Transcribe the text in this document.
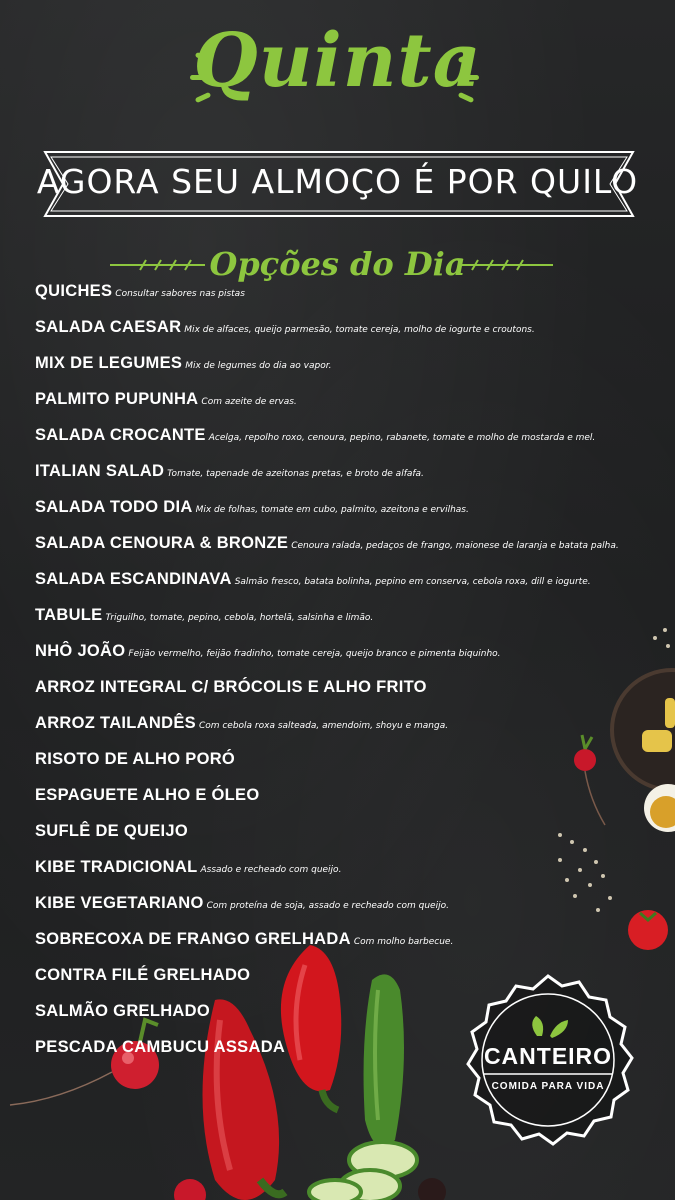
Quinta
AGORA SEU ALMOÇO É POR QUILO
Opções do Dia
CANTEIRO
COMIDA PARA VIDA
QUICHES Consultar sabores nas pistas
SALADA CAESAR Mix de alfaces, queijo parmesão, tomate cereja, molho de iogurte e croutons.
MIX DE LEGUMES Mix de legumes do dia ao vapor.
PALMITO PUPUNHA Com azeite de ervas.
SALADA CROCANTE Acelga, repolho roxo, cenoura, pepino, rabanete, tomate e molho de mostarda e mel.
ITALIAN SALAD Tomate, tapenade de azeitonas pretas, e broto de alfafa.
SALADA TODO DIA Mix de folhas, tomate em cubo, palmito, azeitona e ervilhas.
SALADA CENOURA & BRONZE Cenoura ralada, pedaços de frango, maionese de laranja e batata palha.
SALADA ESCANDINAVA Salmão fresco, batata bolinha, pepino em conserva, cebola roxa, dill e iogurte.
TABULE Triguilho, tomate, pepino, cebola, hortelã, salsinha e limão.
NHÔ JOÃO Feijão vermelho, feijão fradinho, tomate cereja, queijo branco e pimenta biquinho.
ARROZ INTEGRAL C/ BRÓCOLIS E ALHO FRITO
ARROZ TAILANDÊS Com cebola roxa salteada, amendoim, shoyu e manga.
RISOTO DE ALHO PORÓ
ESPAGUETE ALHO E ÓLEO
SUFLÊ DE QUEIJO
KIBE TRADICIONAL Assado e recheado com queijo.
KIBE VEGETARIANO Com proteína de soja, assado e recheado com queijo.
SOBRECOXA DE FRANGO GRELHADA Com molho barbecue.
CONTRA FILÉ GRELHADO
SALMÃO GRELHADO
PESCADA CAMBUCU ASSADA
